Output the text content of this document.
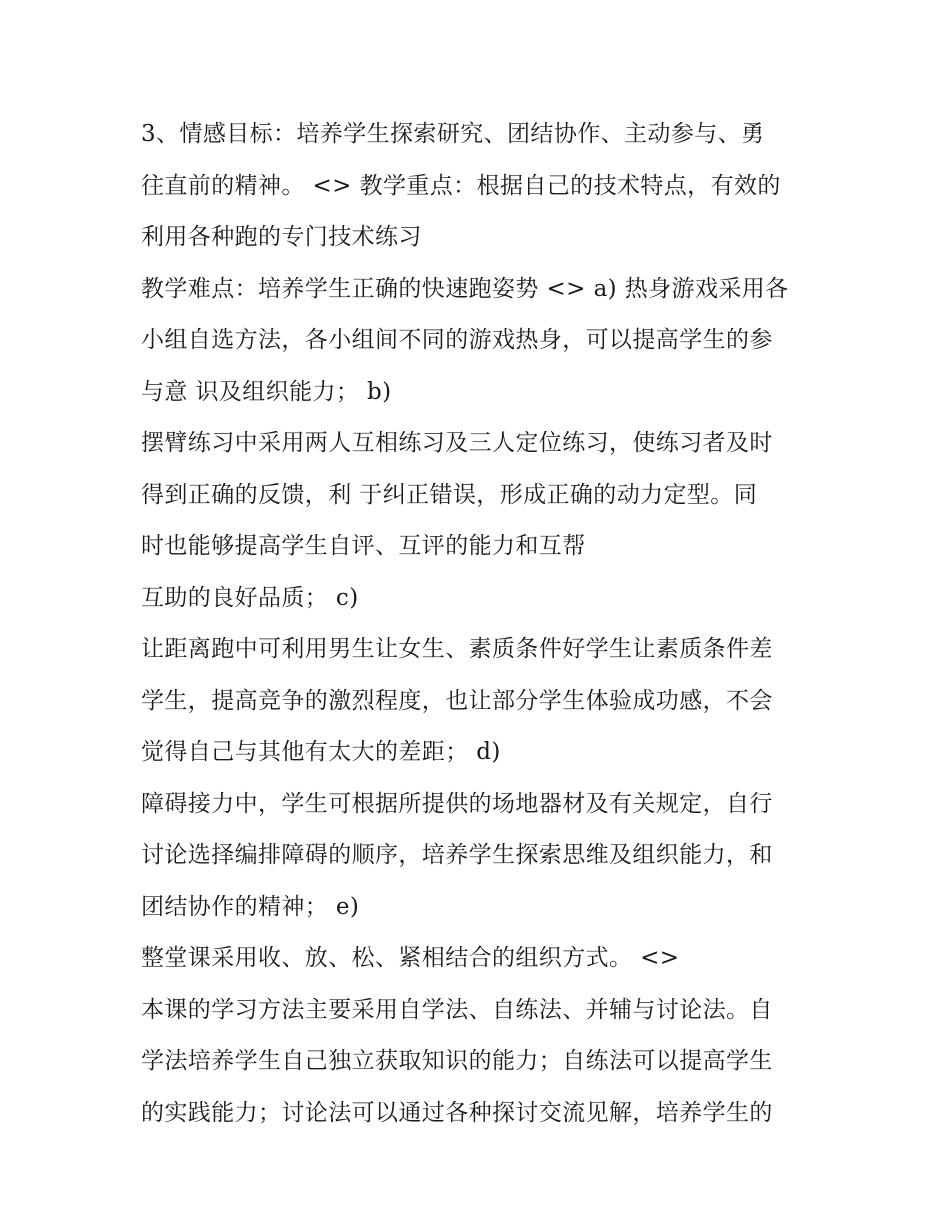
3、情感目标：培养学生探索研究、团结协作、主动参与、勇
往直前的精神。 <> 教学重点：根据自己的技术特点，有效的
利用各种跑的专门技术练习
教学难点：培养学生正确的快速跑姿势 <> a) 热身游戏采用各
小组自选方法，各小组间不同的游戏热身，可以提高学生的参
与意 识及组织能力； b)
摆臂练习中采用两人互相练习及三人定位练习，使练习者及时
得到正确的反馈，利 于纠正错误，形成正确的动力定型。同
时也能够提高学生自评、互评的能力和互帮
互助的良好品质； c)
让距离跑中可利用男生让女生、素质条件好学生让素质条件差
学生，提高竞争的激烈程度，也让部分学生体验成功感，不会
觉得自己与其他有太大的差距； d)
障碍接力中，学生可根据所提供的场地器材及有关规定，自行
讨论选择编排障碍的顺序，培养学生探索思维及组织能力，和
团结协作的精神； e)
整堂课采用收、放、松、紧相结合的组织方式。 <>
本课的学习方法主要采用自学法、自练法、并辅与讨论法。自
学法培养学生自己独立获取知识的能力；自练法可以提高学生
的实践能力；讨论法可以通过各种探讨交流见解，培养学生的
